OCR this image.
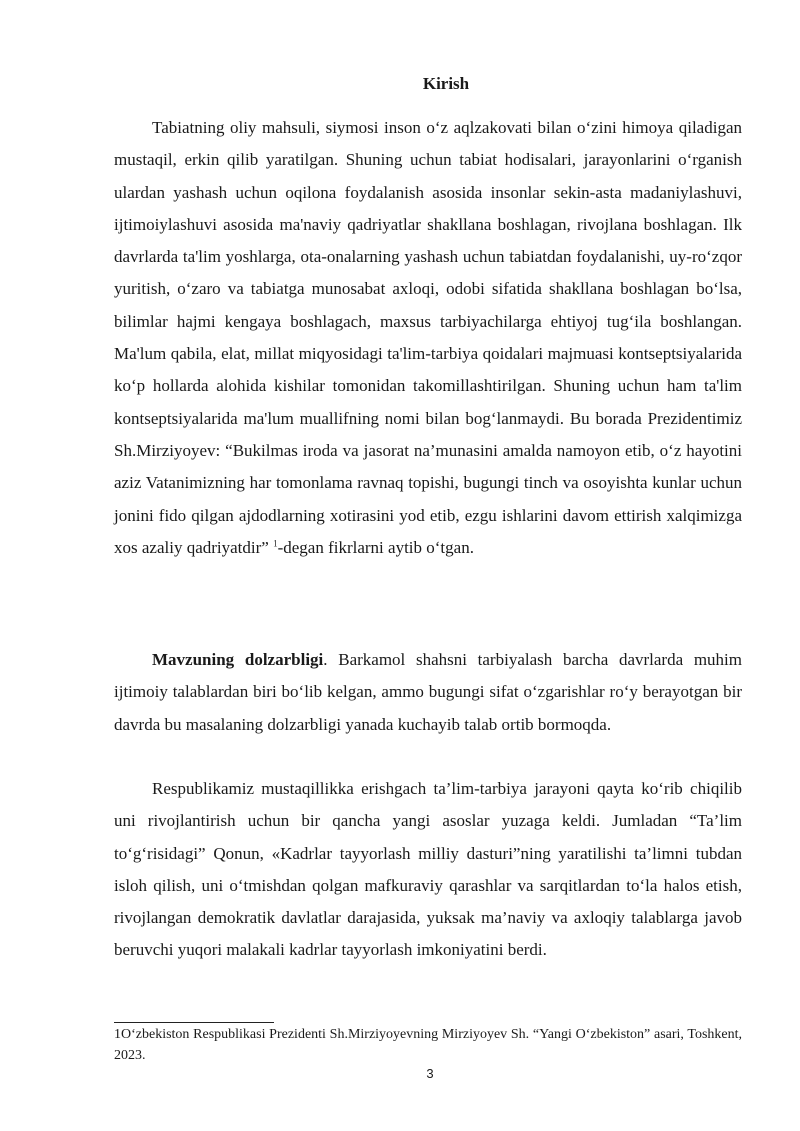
Kirish

Tabiatning oliy mahsuli, siymosi inson o‘z aqlzakovati bilan o‘zini himoya qiladigan mustaqil, erkin qilib yaratilgan. Shuning uchun tabiat hodisalari, jarayonlarini o‘rganish ulardan yashash uchun oqilona foydalanish asosida insonlar sekin-asta madaniylashuvi, ijtimoiylashuvi asosida ma'naviy qadriyatlar shakllana boshlagan, rivojlana boshlagan. Ilk davrlarda ta'lim yoshlarga, ota-onalarning yashash uchun tabiatdan foydalanishi, uy-ro‘zqor yuritish, o‘zaro va tabiatga munosabat axloqi, odobi sifatida shakllana boshlagan bo‘lsa, bilimlar hajmi kengaya boshlagach, maxsus tarbiyachilarga ehtiyoj tug‘ila boshlangan. Ma'lum qabila, elat, millat miqyosidagi ta'lim-tarbiya qoidalari majmuasi kontseptsiyalarida ko‘p hollarda alohida kishilar tomonidan takomillashtirilgan. Shuning uchun ham ta'lim kontseptsiyalarida ma'lum muallifning nomi bilan bog‘lanmaydi. Bu borada Prezidentimiz Sh.Mirziyoyev: “Bukilmas iroda va jasorat na’munasini amalda namoyon etib, o‘z hayotini aziz Vatanimizning har tomonlama ravnaq topishi, bugungi tinch va osoyishta kunlar uchun jonini fido qilgan ajdodlarning xotirasini yod etib, ezgu ishlarini davom ettirish xalqimizga xos azaliy qadriyatdir” $^1$-degan fikrlarni aytib o‘tgan.

Mavzuning dolzarbligi. Barkamol shahsni tarbiyalash barcha davrlarda muhim ijtimoiy talablardan biri bo‘lib kelgan, ammo bugungi sifat o‘zgarishlar ro‘y berayotgan bir davrda bu masalaning dolzarbligi yanada kuchayib talab ortib bormoqda.

Respublikamiz mustaqillikka erishgach ta’lim-tarbiya jarayoni qayta ko‘rib chiqilib uni rivojlantirish uchun bir qancha yangi asoslar yuzaga keldi. Jumladan “Ta’lim to‘g‘risidagi” Qonun, «Kadrlar tayyorlash milliy dasturi”ning yaratilishi ta’limni tubdan isloh qilish, uni o‘tmishdan qolgan mafkuraviy qarashlar va sarqitlardan to‘la halos etish, rivojlangan demokratik davlatlar darajasida, yuksak ma’naviy va axloqiy talablarga javob beruvchi yuqori malakali kadrlar tayyorlash imkoniyatini berdi.

1O‘zbekiston Respublikasi Prezidenti Sh.Mirziyoyevning Mirziyoyev Sh. “Yangi O‘zbekiston” asari, Toshkent, 2023.
3
